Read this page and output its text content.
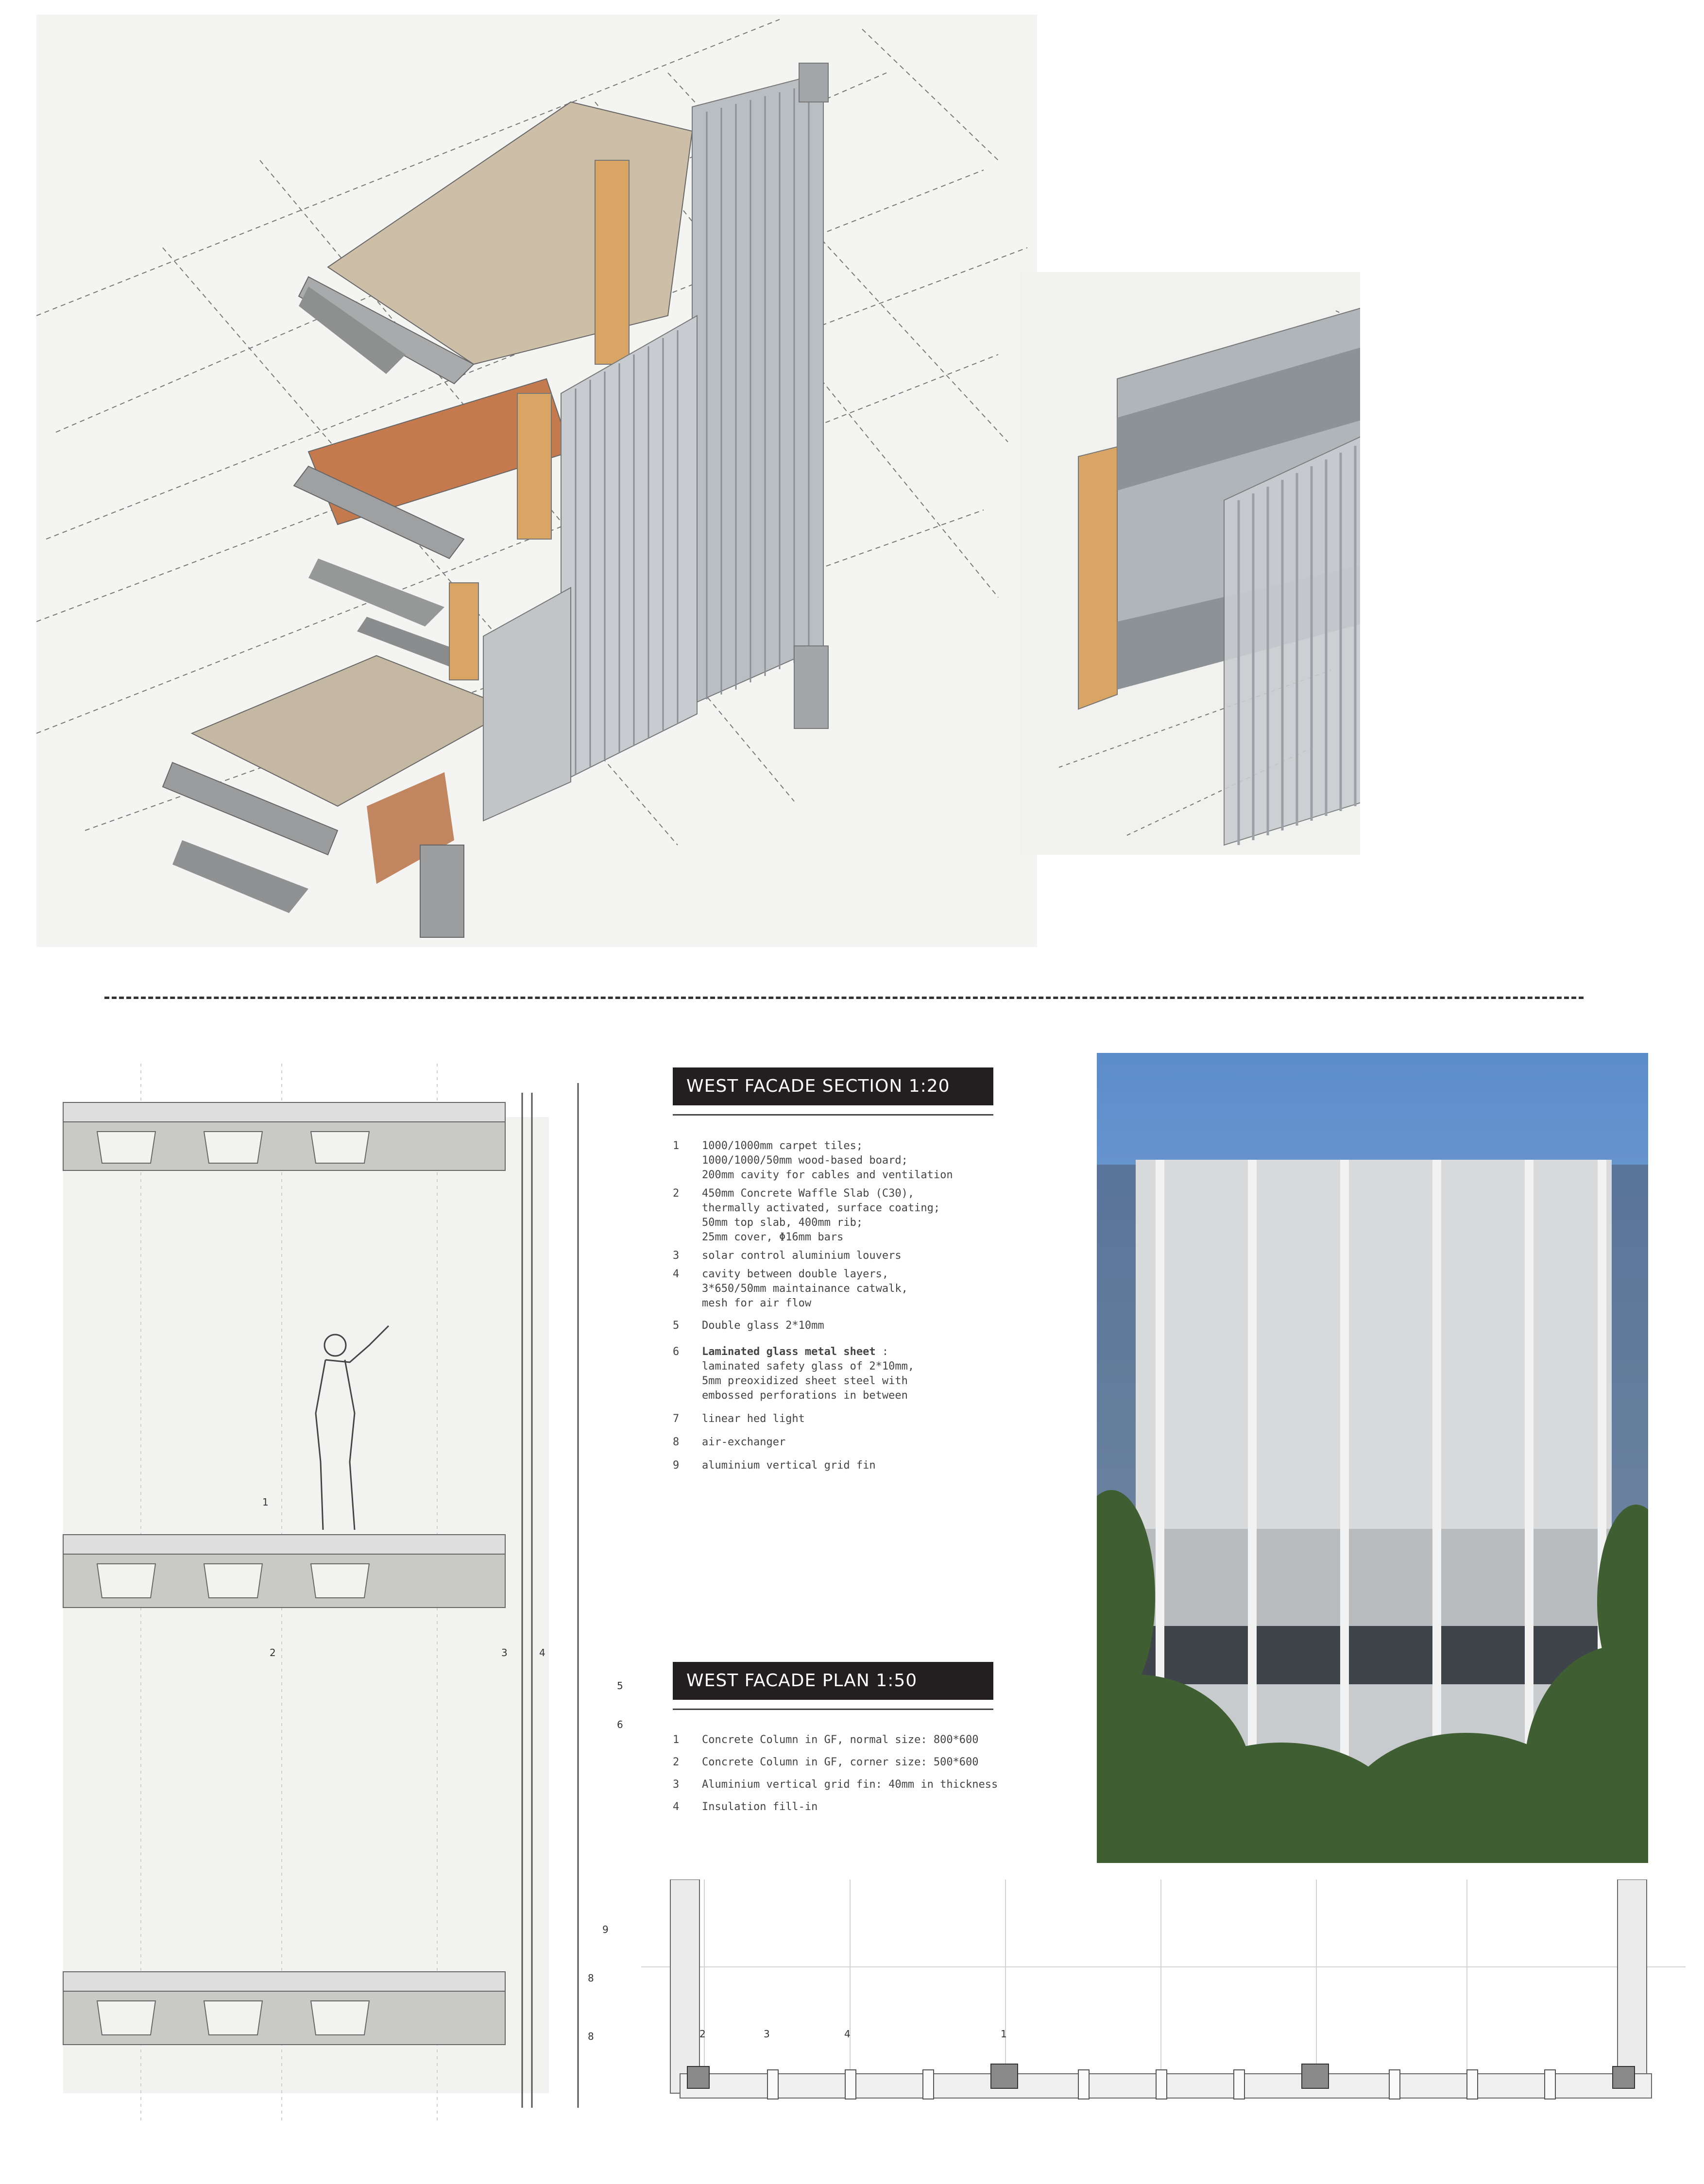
1
2	3	4
5
6
9
8
8
WEST FACADE SECTION 1:20
1	1000/1000mm carpet tiles;
1000/1000/50mm wood-based board;
200mm cavity for cables and ventilation
2	450mm Concrete Waffle Slab (C30),
thermally activated, surface coating;
50mm top slab, 400mm rib;
25mm cover, Φ16mm bars
3	solar control aluminium louvers
4	cavity between double layers,
3*650/50mm maintainance catwalk,
mesh for air flow
5	Double glass 2*10mm
6	Laminated glass metal sheet :
laminated safety glass of 2*10mm,
5mm preoxidized sheet steel with
embossed perforations in between
7	linear hed light
8	air-exchanger
9	aluminium vertical grid fin
WEST FACADE PLAN 1:50
1	Concrete Column in GF, normal size: 800*600
2	Concrete Column in GF, corner size: 500*600
3	Aluminium vertical grid fin: 40mm in thickness
4	Insulation fill-in
2	3	4	1
